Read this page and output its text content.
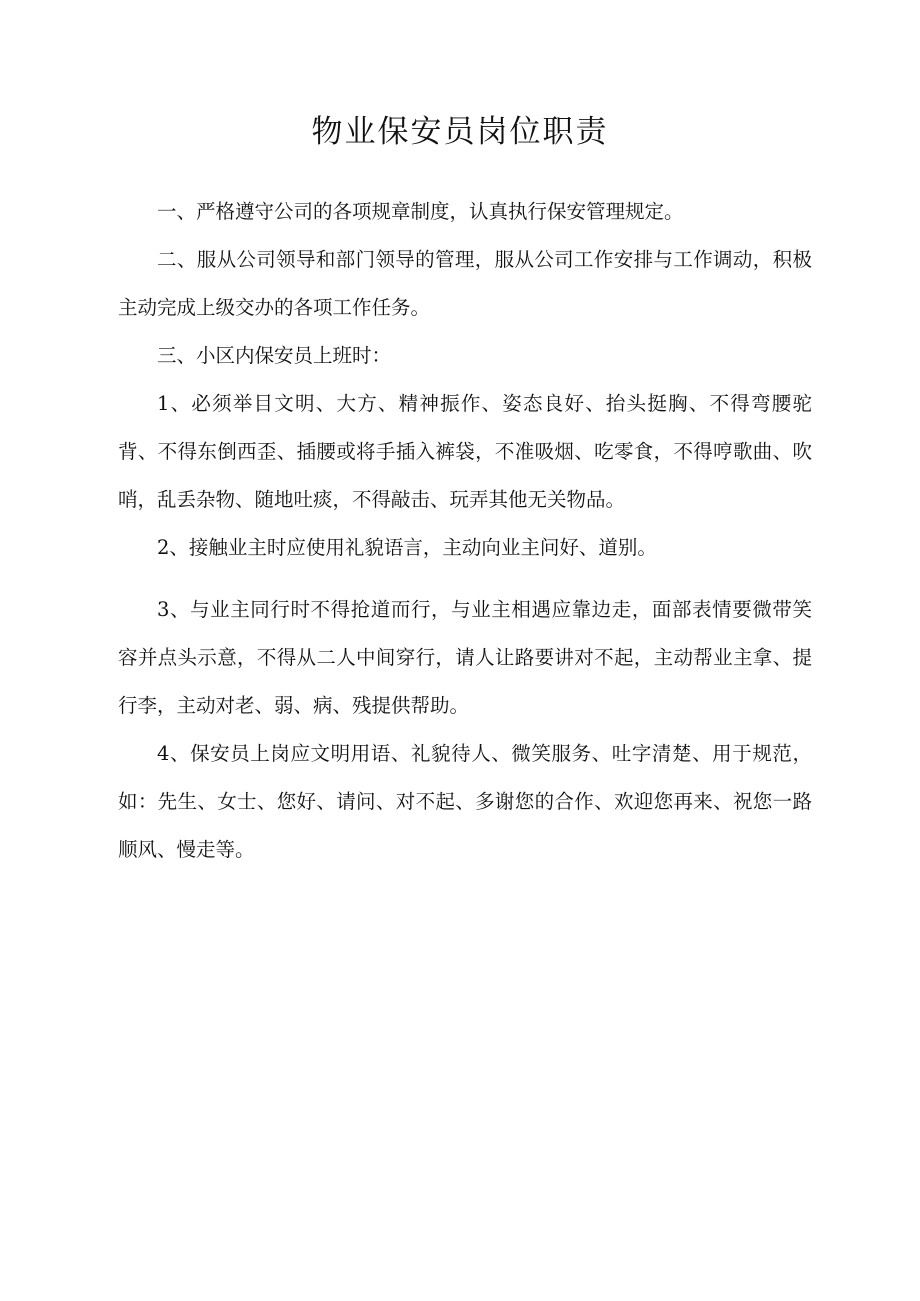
物业保安员岗位职责

一、严格遵守公司的各项规章制度，认真执行保安管理规定。

二、服从公司领导和部门领导的管理，服从公司工作安排与工作调动，积极主动完成上级交办的各项工作任务。

三、小区内保安员上班时：

1、必须举目文明、大方、精神振作、姿态良好、抬头挺胸、不得弯腰驼背、不得东倒西歪、插腰或将手插入裤袋，不准吸烟、吃零食，不得哼歌曲、吹哨，乱丢杂物、随地吐痰，不得敲击、玩弄其他无关物品。

2、接触业主时应使用礼貌语言，主动向业主问好、道别。

3、与业主同行时不得抢道而行，与业主相遇应靠边走，面部表情要微带笑容并点头示意，不得从二人中间穿行，请人让路要讲对不起，主动帮业主拿、提行李，主动对老、弱、病、残提供帮助。

4、保安员上岗应文明用语、礼貌待人、微笑服务、吐字清楚、用于规范，如：先生、女士、您好、请问、对不起、多谢您的合作、欢迎您再来、祝您一路顺风、慢走等。
